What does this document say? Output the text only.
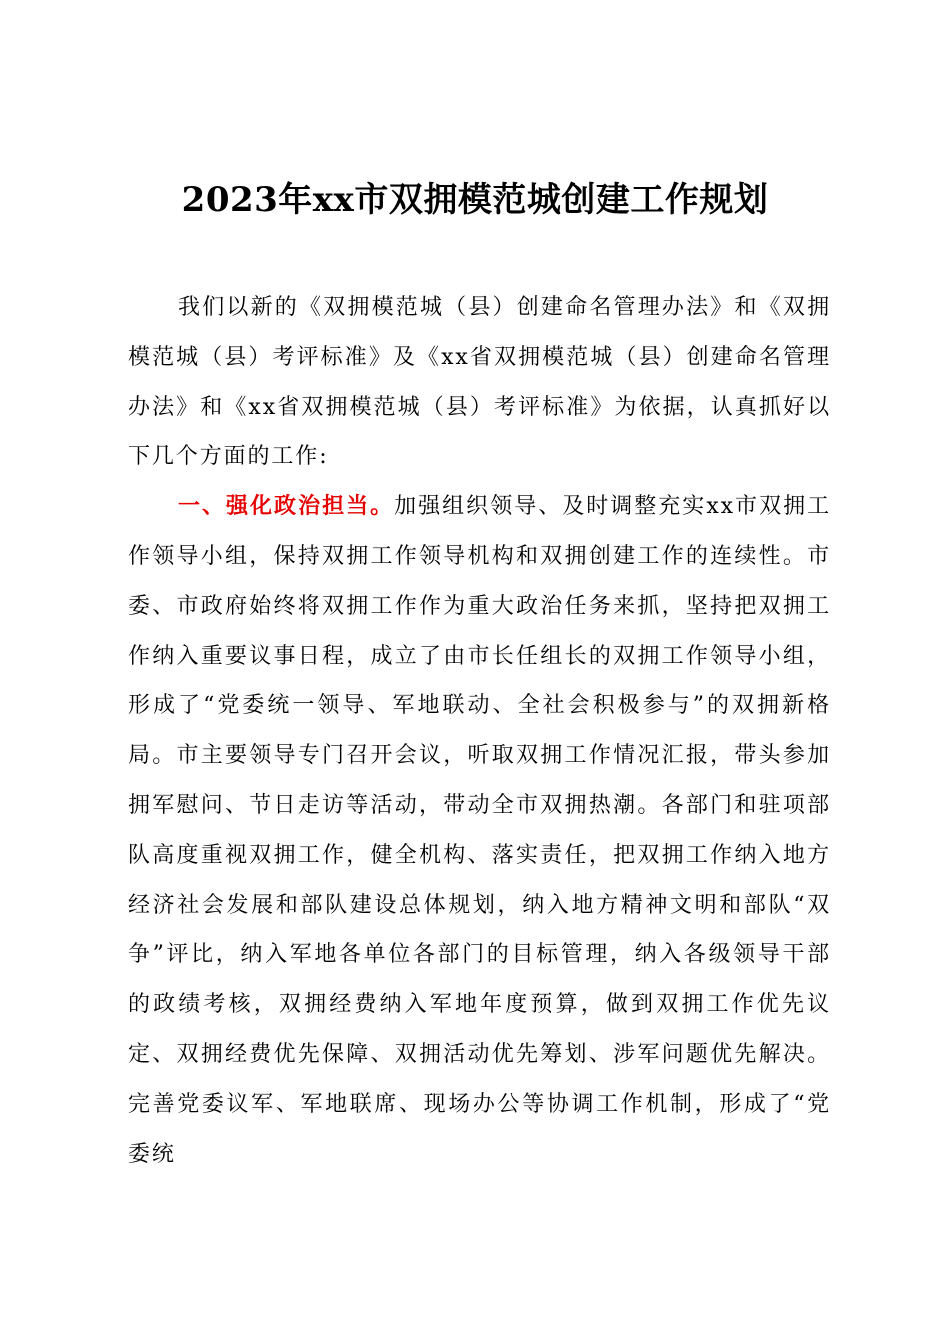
2023年xx市双拥模范城创建工作规划

我们以新的《双拥模范城（县）创建命名管理办法》和《双拥模范城（县）考评标准》及《xx省双拥模范城（县）创建命名管理办法》和《xx省双拥模范城（县）考评标准》为依据，认真抓好以下几个方面的工作:

一、强化政治担当。加强组织领导、及时调整充实xx市双拥工作领导小组，保持双拥工作领导机构和双拥创建工作的连续性。市委、市政府始终将双拥工作作为重大政治任务来抓，坚持把双拥工作纳入重要议事日程，成立了由市长任组长的双拥工作领导小组，形成了“党委统一领导、军地联动、全社会积极参与”的双拥新格局。市主要领导专门召开会议，听取双拥工作情况汇报，带头参加拥军慰问、节日走访等活动，带动全市双拥热潮。各部门和驻项部队高度重视双拥工作，健全机构、落实责任，把双拥工作纳入地方经济社会发展和部队建设总体规划，纳入地方精神文明和部队“双争”评比，纳入军地各单位各部门的目标管理，纳入各级领导干部的政绩考核，双拥经费纳入军地年度预算，做到双拥工作优先议定、双拥经费优先保障、双拥活动优先筹划、涉军问题优先解决。完善党委议军、军地联席、现场办公等协调工作机制，形成了“党委统
